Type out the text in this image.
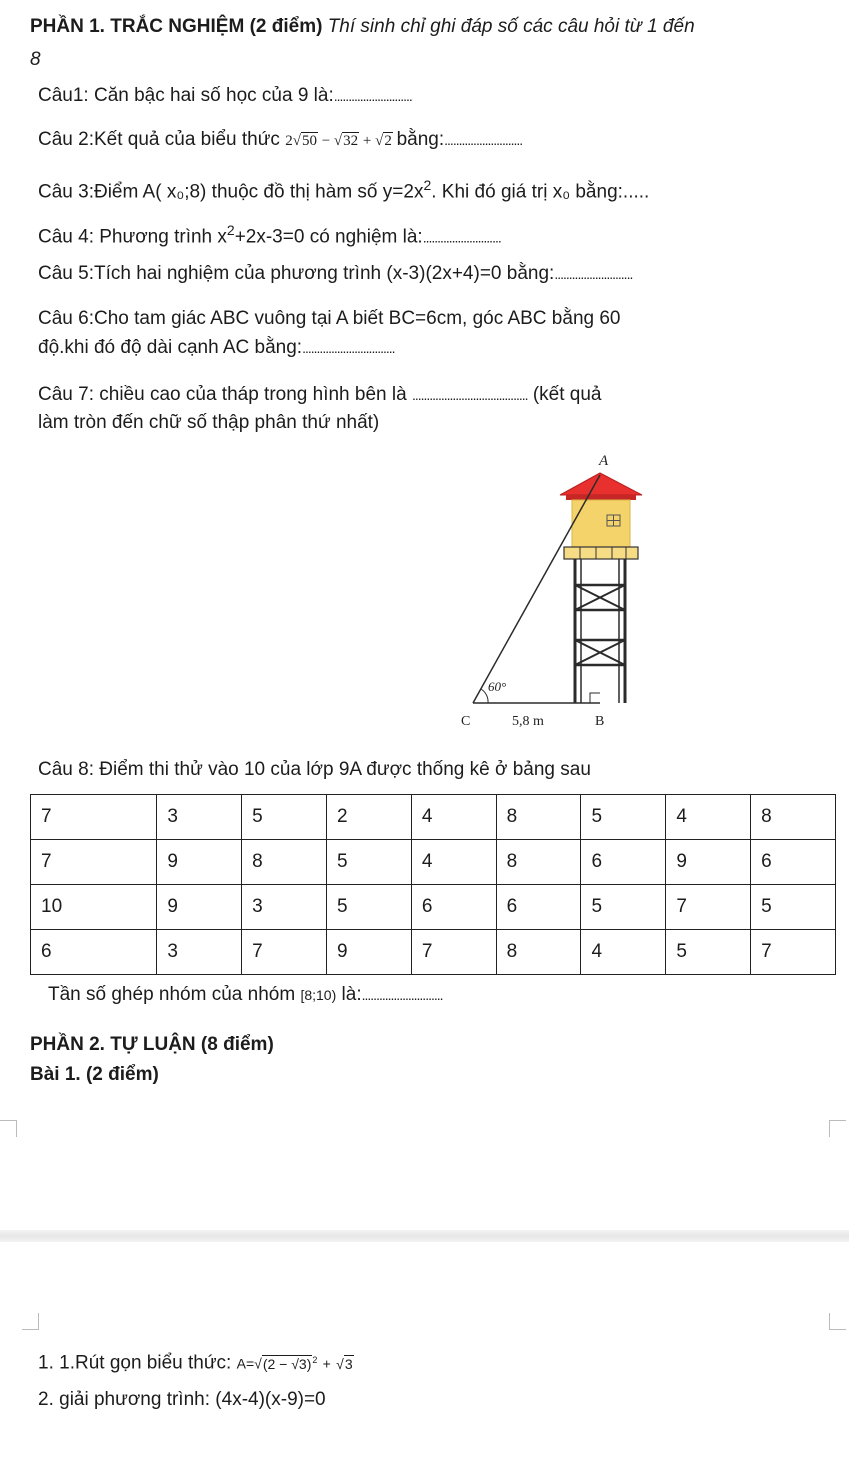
PHẦN 1. TRẮC NGHIỆM (2 điểm) Thí sinh chỉ ghi đáp số các câu hỏi từ 1 đến
8
Câu1: Căn bậc hai số học của 9 là:...........................
Câu 2:Kết quả của biểu thức 2√50 − √32 + √2 bằng:...........................
Câu 3:Điểm A( x₀;8) thuộc đồ thị hàm số $y=2x^2$. Khi đó giá trị x₀ bằng:.....
Câu 4: Phương trình $x^2+2x-3=0$ có nghiệm là:...........................
Câu 5:Tích hai nghiệm của phương trình (x-3)(2x+4)=0 bằng:...........................
Câu 6:Cho tam giác ABC vuông tại A biết BC=6cm, góc ABC bằng 60
độ.khi đó độ dài cạnh AC bằng:................................
Câu 7: chiều cao của tháp trong hình bên là ........................................ (kết quả
làm tròn đến chữ số thập phân thứ nhất)
A
60°
C	5,8 m	B
Câu 8: Điểm thi thử vào 10 của lớp 9A được thống kê ở bảng sau
7	3	5	2	4	8	5	4	8
7	9	8	5	4	8	6	9	6
10	9	3	5	6	6	5	7	5
6	3	7	9	7	8	4	5	7
Tần số ghép nhóm của nhóm [8;10) là:............................
PHẦN 2. TỰ LUẬN (8 điểm)
Bài 1. (2 điểm)
1. 1.Rút gọn biểu thức: $A=√(2 - √3)^2 + √3$
2. giải phương trình: (4x-4)(x-9)=0
